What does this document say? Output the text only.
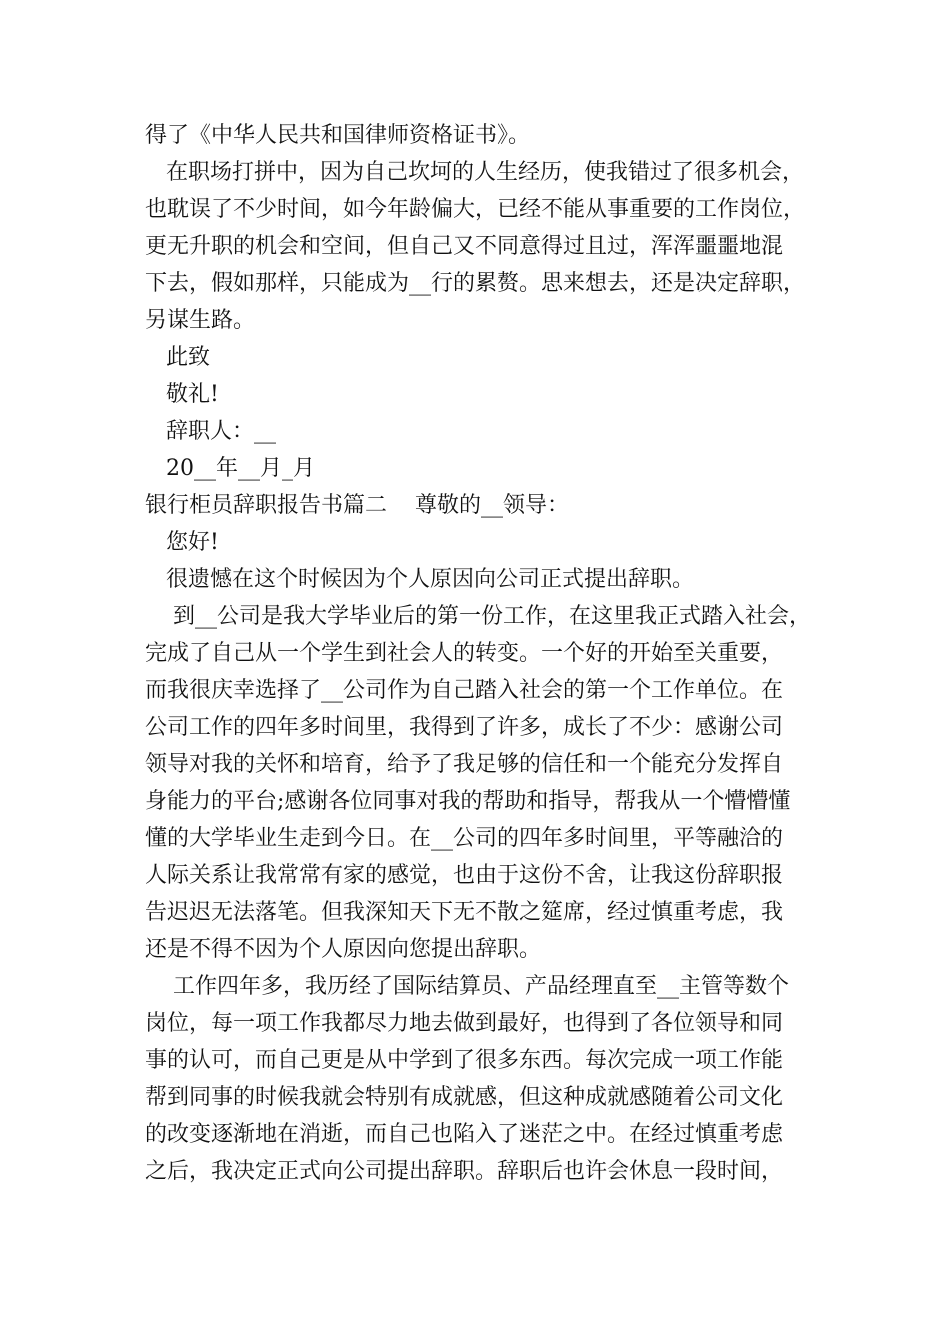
得了《中华人民共和国律师资格证书》。
在职场打拼中，因为自己坎坷的人生经历，使我错过了很多机会，
也耽误了不少时间，如今年龄偏大，已经不能从事重要的工作岗位，
更无升职的机会和空间，但自己又不同意得过且过，浑浑噩噩地混
下去，假如那样，只能成为__行的累赘。思来想去，还是决定辞职，
另谋生路。
此致
敬礼!
辞职人：__
20__年__月_月
银行柜员辞职报告书篇二    尊敬的__领导：
您好!
很遗憾在这个时候因为个人原因向公司正式提出辞职。
到__公司是我大学毕业后的第一份工作，在这里我正式踏入社会，
完成了自己从一个学生到社会人的转变。一个好的开始至关重要，
而我很庆幸选择了__公司作为自己踏入社会的第一个工作单位。在
公司工作的四年多时间里，我得到了许多，成长了不少：感谢公司
领导对我的关怀和培育，给予了我足够的信任和一个能充分发挥自
身能力的平台;感谢各位同事对我的帮助和指导，帮我从一个懵懵懂
懂的大学毕业生走到今日。在__公司的四年多时间里，平等融洽的
人际关系让我常常有家的感觉，也由于这份不舍，让我这份辞职报
告迟迟无法落笔。但我深知天下无不散之筵席，经过慎重考虑，我
还是不得不因为个人原因向您提出辞职。
工作四年多，我历经了国际结算员、产品经理直至__主管等数个
岗位，每一项工作我都尽力地去做到最好，也得到了各位领导和同
事的认可，而自己更是从中学到了很多东西。每次完成一项工作能
帮到同事的时候我就会特别有成就感，但这种成就感随着公司文化
的改变逐渐地在消逝，而自己也陷入了迷茫之中。在经过慎重考虑
之后，我决定正式向公司提出辞职。辞职后也许会休息一段时间，
